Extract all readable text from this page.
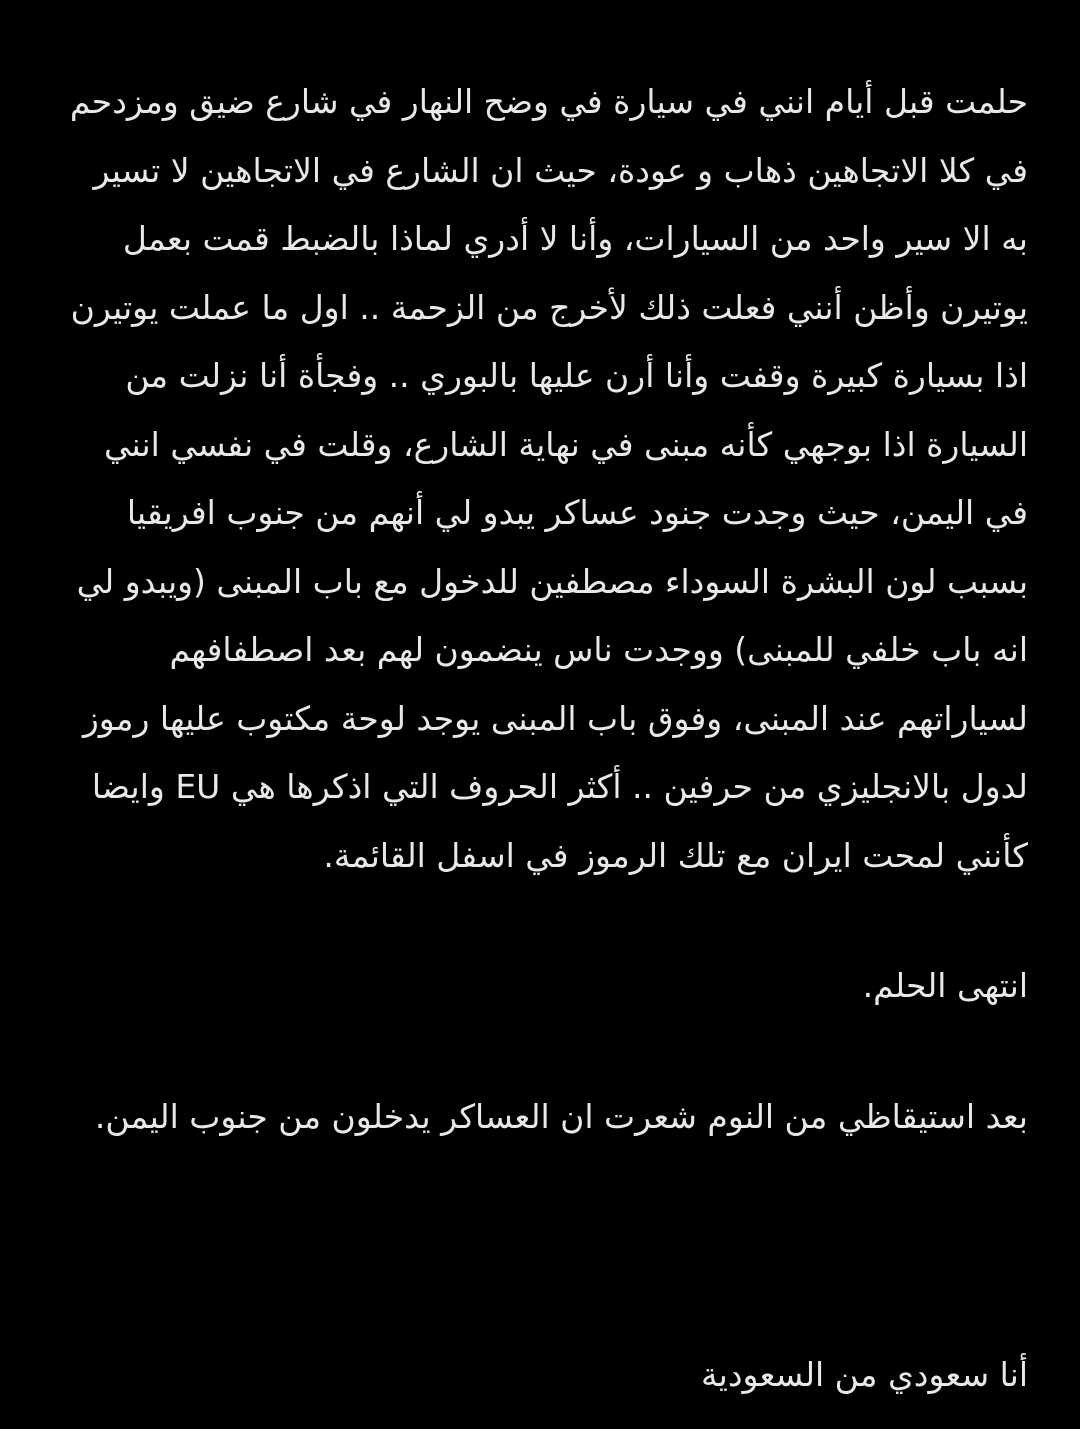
حلمت قبل أيام انني في سيارة في وضح النهار في شارع ضيق ومزدحم
في كلا الاتجاهين ذهاب و عودة، حيث ان الشارع في الاتجاهين لا تسير
به الا سير واحد من السيارات، وأنا لا أدري لماذا بالضبط قمت بعمل
يوتيرن وأظن أنني فعلت ذلك لأخرج من الزحمة .. اول ما عملت يوتيرن
اذا بسيارة كبيرة وقفت وأنا أرن عليها بالبوري .. وفجأة أنا نزلت من
السيارة اذا بوجهي كأنه مبنى في نهاية الشارع، وقلت في نفسي انني
في اليمن، حيث وجدت جنود عساكر يبدو لي أنهم من جنوب افريقيا
بسبب لون البشرة السوداء مصطفين للدخول مع باب المبنى (ويبدو لي
انه باب خلفي للمبنى) ووجدت ناس ينضمون لهم بعد اصطفافهم
لسياراتهم عند المبنى، وفوق باب المبنى يوجد لوحة مكتوب عليها رموز
لدول بالانجليزي من حرفين .. أكثر الحروف التي اذكرها هي EU وايضا
كأنني لمحت ايران مع تلك الرموز في اسفل القائمة.
انتهى الحلم.
بعد استيقاظي من النوم شعرت ان العساكر يدخلون من جنوب اليمن.
أنا سعودي من السعودية
